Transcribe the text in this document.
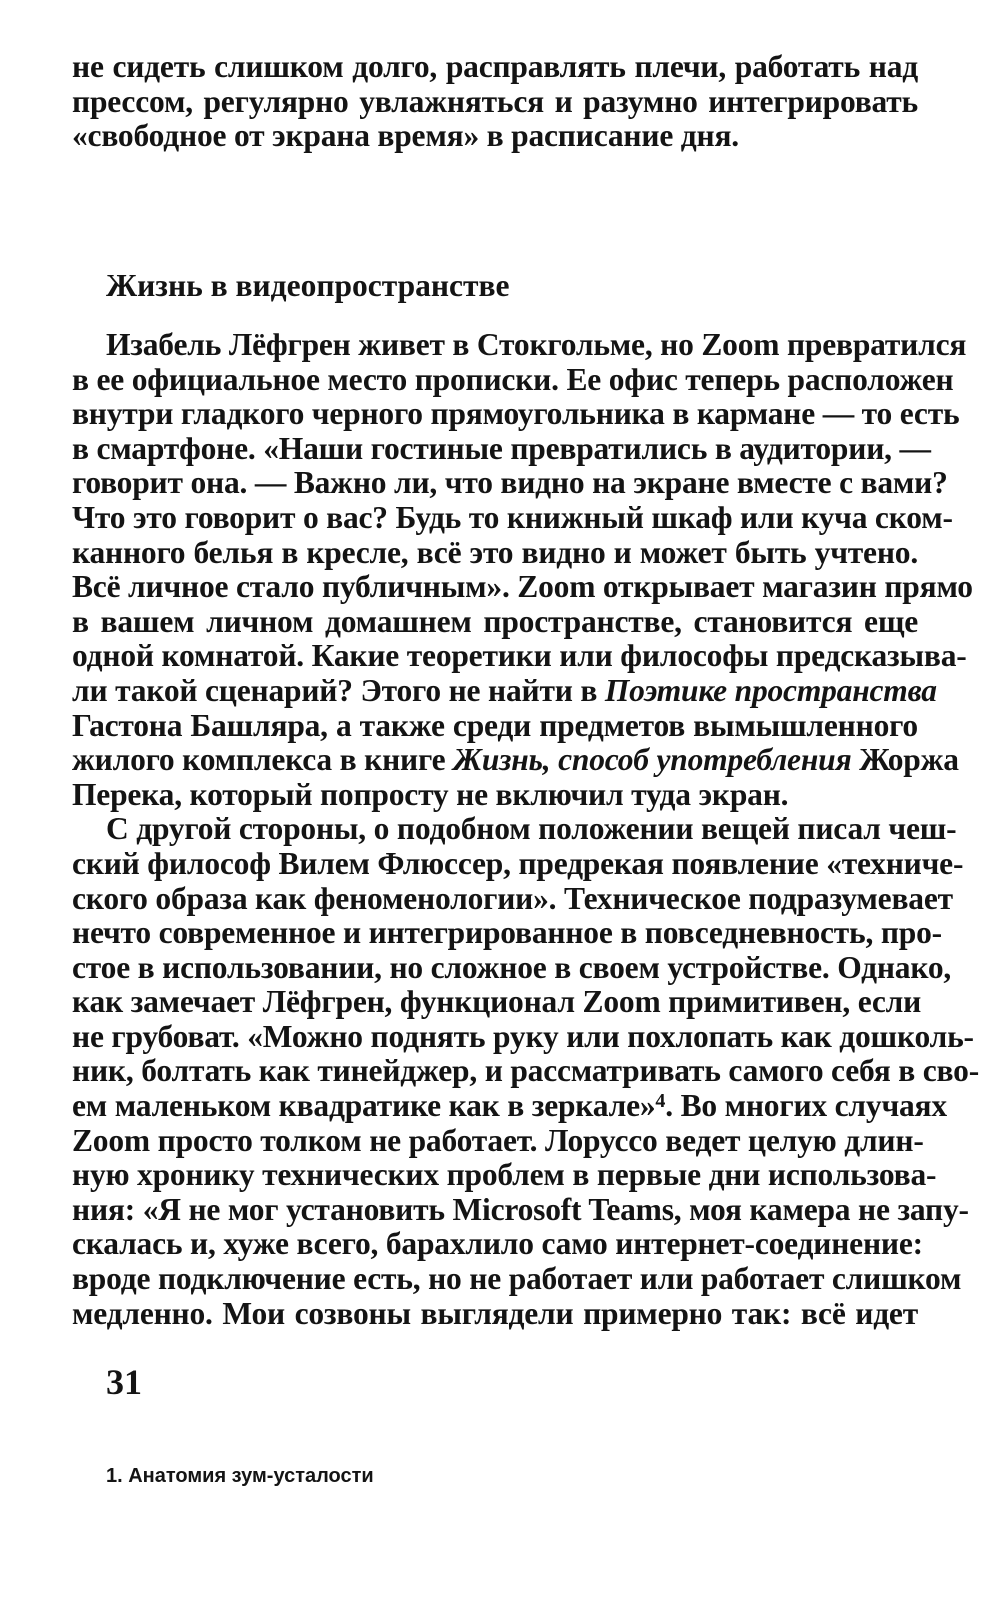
не сидеть слишком долго, расправлять плечи, работать над
прессом, регулярно увлажняться и разумно интегрировать
«свободное от экрана время» в расписание дня.
Жизнь в видеопространстве
Изабель Лёфгрен живет в Стокгольме, но Zoom превратился
в ее официальное место прописки. Ее офис теперь расположен
внутри гладкого черного прямоугольника в кармане — то есть
в смартфоне. «Наши гостиные превратились в аудитории, —
говорит она. — Важно ли, что видно на экране вместе с вами?
Что это говорит о вас? Будь то книжный шкаф или куча ском-
канного белья в кресле, всё это видно и может быть учтено.
Всё личное стало публичным». Zoom открывает магазин прямо
в вашем личном домашнем пространстве, становится еще
одной комнатой. Какие теоретики или философы предсказыва-
ли такой сценарий? Этого не найти в Поэтике пространства
Гастона Башляра, а также среди предметов вымышленного
жилого комплекса в книге Жизнь, способ употребления Жоржа
Перека, который попросту не включил туда экран.
С другой стороны, о подобном положении вещей писал чеш-
ский философ Вилем Флюссер, предрекая появление «техниче-
ского образа как феноменологии». Техническое подразумевает
нечто современное и интегрированное в повседневность, про-
стое в использовании, но сложное в своем устройстве. Однако,
как замечает Лёфгрен, функционал Zoom примитивен, если
не грубоват. «Можно поднять руку или похлопать как дошколь-
ник, болтать как тинейджер, и рассматривать самого себя в сво-
ем маленьком квадратике как в зеркале»$^4$. Во многих случаях
Zoom просто толком не работает. Лоруссо ведет целую длин-
ную хронику технических проблем в первые дни использова-
ния: «Я не мог установить Microsoft Teams, моя камера не запу-
скалась и, хуже всего, барахлило само интернет-соединение:
вроде подключение есть, но не работает или работает слишком
медленно. Мои созвоны выглядели примерно так: всё идет
31
1. Анатомия зум-усталости
